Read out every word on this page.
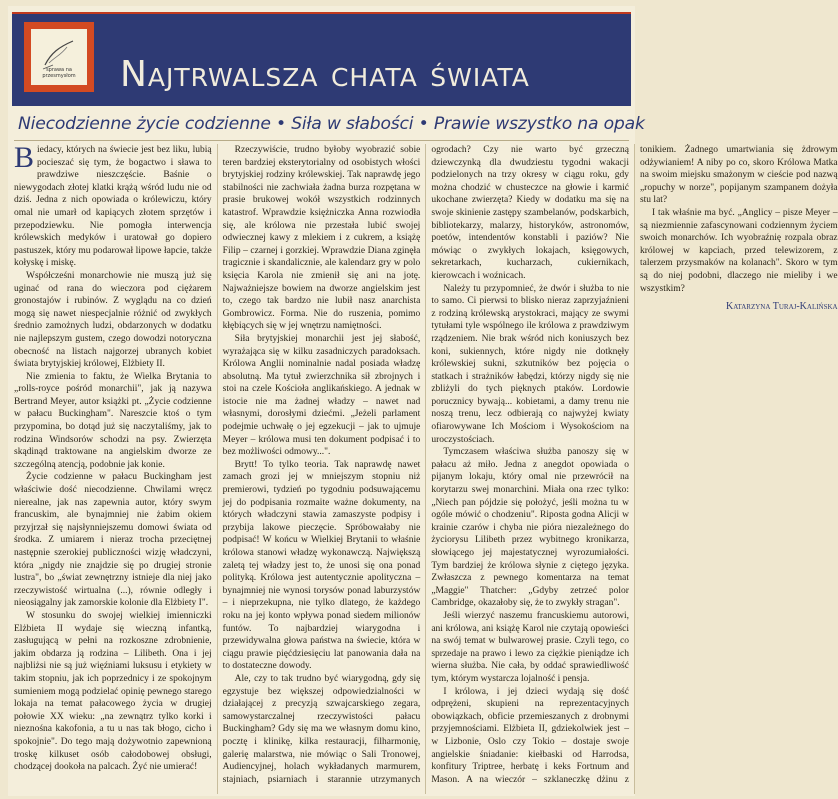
sprawa na przesmysłom Najtrwalsza chata świata
Niecodzienne życie codzienne • Siła w słabości • Prawie wszystko na opak

Biedacy, których na świecie jest bez liku, lubią pocieszać się tym, że bogactwo i sława to prawdziwe nieszczęście. Baśnie o niewygodach złotej klatki krążą wśród ludu nie od dziś. Jedna z nich opowiada o królewiczu, który omal nie umarł od kapiących złotem sprzętów i przepodziewku. Nie pomogła interwencja królewskich medyków i uratował go dopiero pastuszek, który mu podarował lipowe łapcie, także kołyskę i miskę.

Współcześni monarchowie nie muszą już się uginać od rana do wieczora pod ciężarem gronostajów i rubinów. Z wyglądu na co dzień mogą się nawet niespecjalnie różnić od zwykłych średnio zamożnych ludzi, obdarzonych w dodatku nie najlepszym gustem, czego dowodzi notoryczna obecność na listach najgorzej ubranych kobiet świata brytyjskiej królowej, Elżbiety II.

Nie zmienia to faktu, że Wielka Brytania to „rolls-royce pośród monarchii", jak ją nazywa Bertrand Meyer, autor książki pt. „Życie codzienne w pałacu Buckingham". Nareszcie ktoś o tym przypomina, bo dotąd już się naczytaliśmy, jak to rodzina Windsorów schodzi na psy. Zwierzęta skądinąd traktowane na angielskim dworze ze szczególną atencją, podobnie jak konie.

Życie codzienne w pałacu Buckingham jest właściwie dość niecodzienne. Chwilami wręcz nierealne, jak nas zapewnia autor, który swym francuskim, ale bynajmniej nie żabim okiem przyjrzał się najsłynniejszemu domowi świata od środka. Z umiarem i nieraz trocha przeciętnej następnie szerokiej publiczności wizję władczyni, która „nigdy nie znajdzie się po drugiej stronie lustra", bo „świat zewnętrzny istnieje dla niej jako rzeczywistość wirtualna (...), równie odległy i nieosiągalny jak zamorskie kolonie dla Elżbiety I".

W stosunku do swojej wielkiej imienniczki Elżbieta II wydaje się wieczną infantką, zasługującą w pełni na rozkoszne zdrobnienie, jakim obdarza ją rodzina – Lilibeth. Ona i jej najbliżsi nie są już więźniami luksusu i etykiety w takim stopniu, jak ich poprzednicy i ze spokojnym sumieniem mogą podzielać opinię pewnego starego lokaja na temat pałacowego życia w drugiej połowie XX wieku: „na zewnątrz tylko korki i nieznośna kakofonia, a tu u nas tak błogo, cicho i spokojnie". Do tego mają dożywotnio zapewnioną troskę kilkuset osób całodobowej obsługi, chodzącej dookoła na palcach. Żyć nie umierać!

Rzeczywiście, trudno byłoby wyobrazić sobie teren bardziej eksterytorialny od osobistych włości brytyjskiej rodziny królewskiej. Tak naprawdę jego stabilności nie zachwiała żadna burza rozpętana w prasie brukowej wokół wszystkich rodzinnych katastrof. Wprawdzie księżniczka Anna rozwiodła się, ale królowa nie przestała lubić swojej odwiecznej kawy z mlekiem i z cukrem, a książę Filip – czarnej i gorzkiej. Wprawdzie Diana zginęła tragicznie i skandalicznie, ale kalendarz gry w polo księcia Karola nie zmienił się ani na jotę. Najważniejsze bowiem na dworze angielskim jest to, czego tak bardzo nie lubił nasz anarchista Gombrowicz. Forma. Nie do ruszenia, pomimo kłębiących się w jej wnętrzu namiętności.

Siła brytyjskiej monarchii jest jej słabość, wyrażająca się w kilku zasadniczych paradoksach. Królowa Anglii nominalnie nadal posiada władzę absolutną. Ma tytuł zwierzchnika sił zbrojnych i stoi na czele Kościoła anglikańskiego. A jednak w istocie nie ma żadnej władzy – nawet nad własnymi, dorosłymi dziećmi. „Jeżeli parlament podejmie uchwałę o jej egzekucji – jak to ujmuje Meyer – królowa musi ten dokument podpisać i to bez możliwości odmowy...".

Brytt! To tylko teoria. Tak naprawdę nawet zamach grozi jej w mniejszym stopniu niż premierowi, tydzień po tygodniu podsuwającemu jej do podpisania rozmaite ważne dokumenty, na których władczyni stawia zamaszyste podpisy i przybija lakowe pieczęcie. Spróbowałaby nie podpisać! W końcu w Wielkiej Brytanii to właśnie królowa stanowi władzę wykonawczą. Największą zaletą tej władzy jest to, że unosi się ona ponad polityką. Królowa jest autentycznie apolityczna – bynajmniej nie wynosi torysów ponad laburzystów – i nieprzekupna, nie tylko dlatego, że każdego roku na jej konto wpływa ponad siedem milionów funtów. To najbardziej wiarygodna i przewidywalna głowa państwa na świecie, która w ciągu prawie pięćdziesięciu lat panowania dała na to dostateczne dowody.

Ale, czy to tak trudno być wiarygodną, gdy się egzystuje bez większej odpowiedzialności w działającej z precyzją szwajcarskiego zegara, samowystarczalnej rzeczywistości pałacu Buckingham? Gdy się ma we własnym domu kino, pocztę i klinikę, kilka restauracji, filharmonię, galerię malarstwa, nie mówiąc o Sali Tronowej, Audiencyjnej, holach wykładanych marmurem, stajniach, psiarniach i starannie utrzymanych ogrodach? Czy nie warto być grzeczną dziewczynką dla dwudziestu tygodni wakacji podzielonych na trzy okresy w ciągu roku, gdy można chodzić w chusteczce na głowie i karmić ukochane zwierzęta? Kiedy w dodatku ma się na swoje skinienie zastępy szambelanów, podskarbich, bibliotekarzy, malarzy, historyków, astronomów, poetów, intendentów konstabli i paziów? Nie mówiąc o zwykłych lokajach, księgowych, sekretarkach, kucharzach, cukiernikach, kierowcach i woźnicach.

Należy tu przypomnieć, że dwór i służba to nie to samo. Ci pierwsi to blisko nieraz zaprzyjaźnieni z rodziną królewską arystokraci, mający ze swymi tytułami tyle wspólnego ile królowa z prawdziwym rządzeniem. Nie brak wśród nich koniuszych bez koni, sukiennych, które nigdy nie dotknęły królewskiej sukni, szkutników bez pojęcia o statkach i strażników łabędzi, którzy nigdy się nie zbliżyli do tych pięknych ptaków. Lordowie porucznicy bywają... kobietami, a damy trenu nie noszą trenu, lecz odbierają co najwyżej kwiaty ofiarowywane Ich Mościom i Wysokościom na uroczystościach.

Tymczasem właściwa służba panoszy się w pałacu aż miło. Jedna z anegdot opowiada o pijanym lokaju, który omal nie przewrócił na korytarzu swej monarchini. Miała ona rzec tylko: „Niech pan pójdzie się położyć, jeśli można tu w ogóle mówić o chodzeniu". Riposta godna Alicji w krainie czarów i chyba nie pióra niezależnego do życiorysu Lilibeth przez wybitnego kronikarza, słowiącego jej majestatycznej wyrozumiałości. Tym bardziej że królowa słynie z ciętego języka. Zwłaszcza z pewnego komentarza na temat „Maggie" Thatcher: „Gdyby zetrzeć polor Cambridge, okazałoby się, że to zwykły stragan".

Jeśli wierzyć naszemu francuskiemu autorowi, ani królowa, ani książę Karol nie czytają opowieści na swój temat w bulwarowej prasie. Czyli tego, co sprzedaje na prawo i lewo za ciężkie pieniądze ich wierna służba. Nie cała, by oddać sprawiedliwość tym, którym wystarcza lojalność i pensja.

I królowa, i jej dzieci wydają się dość odprężeni, skupieni na reprezentacyjnych obowiązkach, obficie przemieszanych z drobnymi przyjemnościami. Elżbieta II, gdziekolwiek jest – w Lizbonie, Oslo czy Tokio – dostaje swoje angielskie śniadanie: kiełbaski od Harrodsa, konfitury Triptree, herbatę i keks Fortnum and Mason. A na wieczór – szklaneczkę dżinu z tonikiem. Żadnego umartwiania się żdrowym odżywianiem! A niby po co, skoro Królowa Matka na swoim miejsku smażonym w cieście pod nazwą „ropuchy w norze", popijanym szampanem dożyła stu lat?

I tak właśnie ma być. „Anglicy – pisze Meyer – są niezmiennie zafascynowani codziennym życiem swoich monarchów. Ich wyobraźnię rozpala obraz królowej w kapciach, przed telewizorem, z talerzem przysmaków na kolanach". Skoro w tym są do niej podobni, dlaczego nie mieliby i we wszystkim?

Katarzyna Turaj-Kalińska
